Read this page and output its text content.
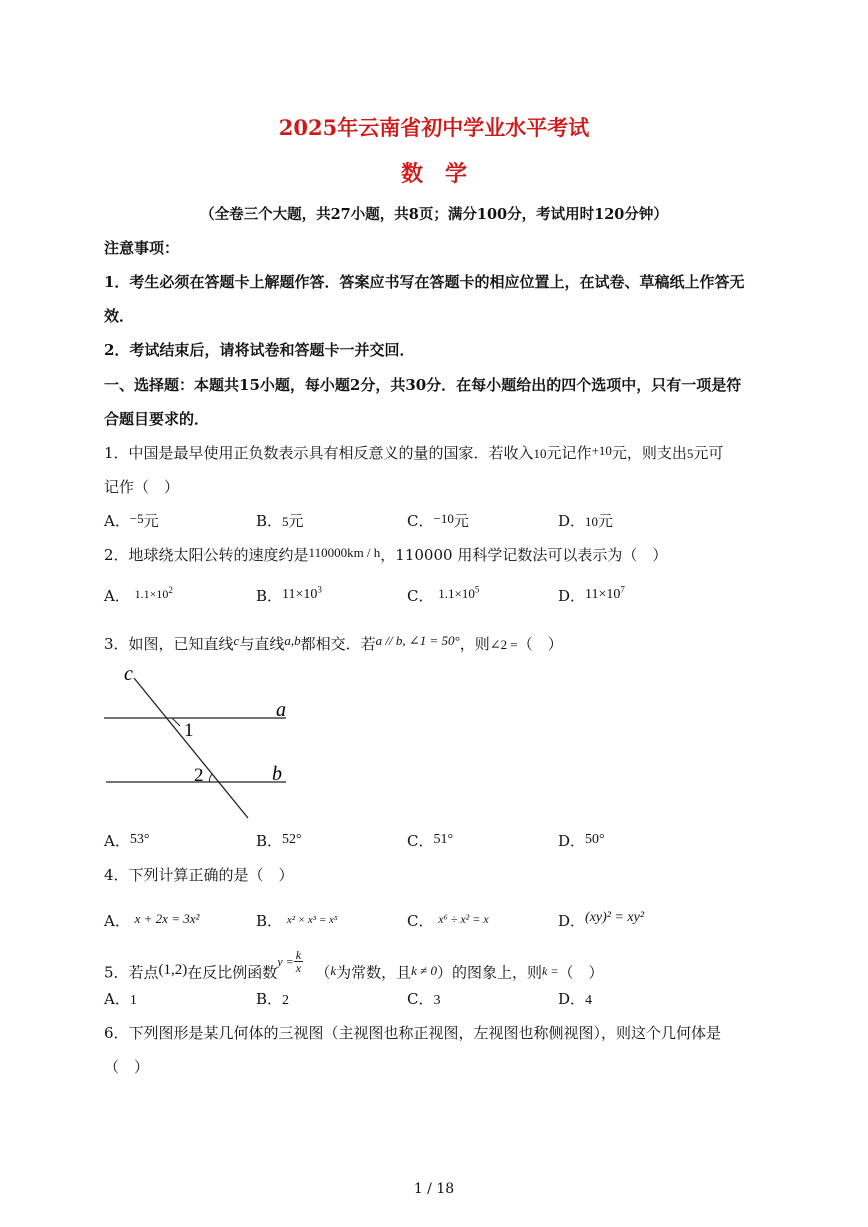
2025年云南省初中学业水平考试
数学
（全卷三个大题，共27小题，共8页；满分100分，考试用时120分钟）
注意事项：
1．考生必须在答题卡上解题作答．答案应书写在答题卡的相应位置上，在试卷、草稿纸上作答无
效．
2．考试结束后，请将试卷和答题卡一并交回．
一、选择题：本题共15小题，每小题2分，共30分．在每小题给出的四个选项中，只有一项是符
合题目要求的．
1．中国是最早使用正负数表示具有相反意义的量的国家．若收入10元记作+10元，则支出5元可
记作（　）
A．−5元	B．5元	C．−10元	D．10元
2．地球绕太阳公转的速度约是110000km / h，110000 用科学记数法可以表示为（　）
A． $^{1.1\times 10^2}$	B．$11\times 10^3$	C． $1.1\times 10^5$	D．$11\times 10^7$
3．如图，已知直线c与直线a,b都相交．若a // b, ∠1 = 50°，则∠2 =（　）
c
a
b
1
2
A．53°	B．52°	C．51°	D．50°
4．下列计算正确的是（　）
A． x + 2x = 3x²	B． $^{x^2 \times x^3 = x^5}$	C． $^{x^6 \div x^2 = x}$	D．(xy)² = xy²
5．若点(1,2)在反比例函数$y = \frac{k}{x} (k$为常数，且k ≠ 0）的图象上，则$^{k =}$（　）
A．1	B．2	C．3	D．4
6．下列图形是某几何体的三视图（主视图也称正视图，左视图也称侧视图），则这个几何体是
（　）
1 / 18
